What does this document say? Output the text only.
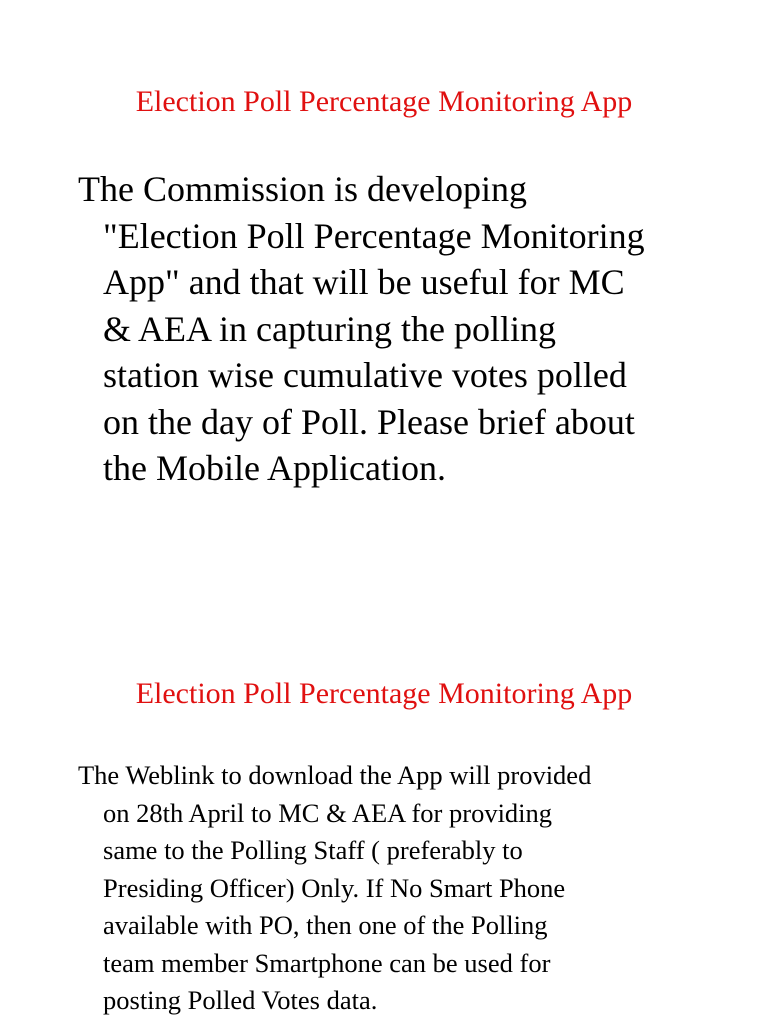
Election Poll Percentage Monitoring App

The Commission is developing
"Election Poll Percentage Monitoring
App" and that will be useful for MC
& AEA in capturing the polling
station wise cumulative votes polled
on the day of Poll. Please brief about
the Mobile Application.

Election Poll Percentage Monitoring App

The Weblink to download the App will provided
on 28th April to MC & AEA for providing
same to the Polling Staff ( preferably to
Presiding Officer) Only. If No Smart Phone
available with PO, then one of the Polling
team member Smartphone can be used for
posting Polled Votes data.
